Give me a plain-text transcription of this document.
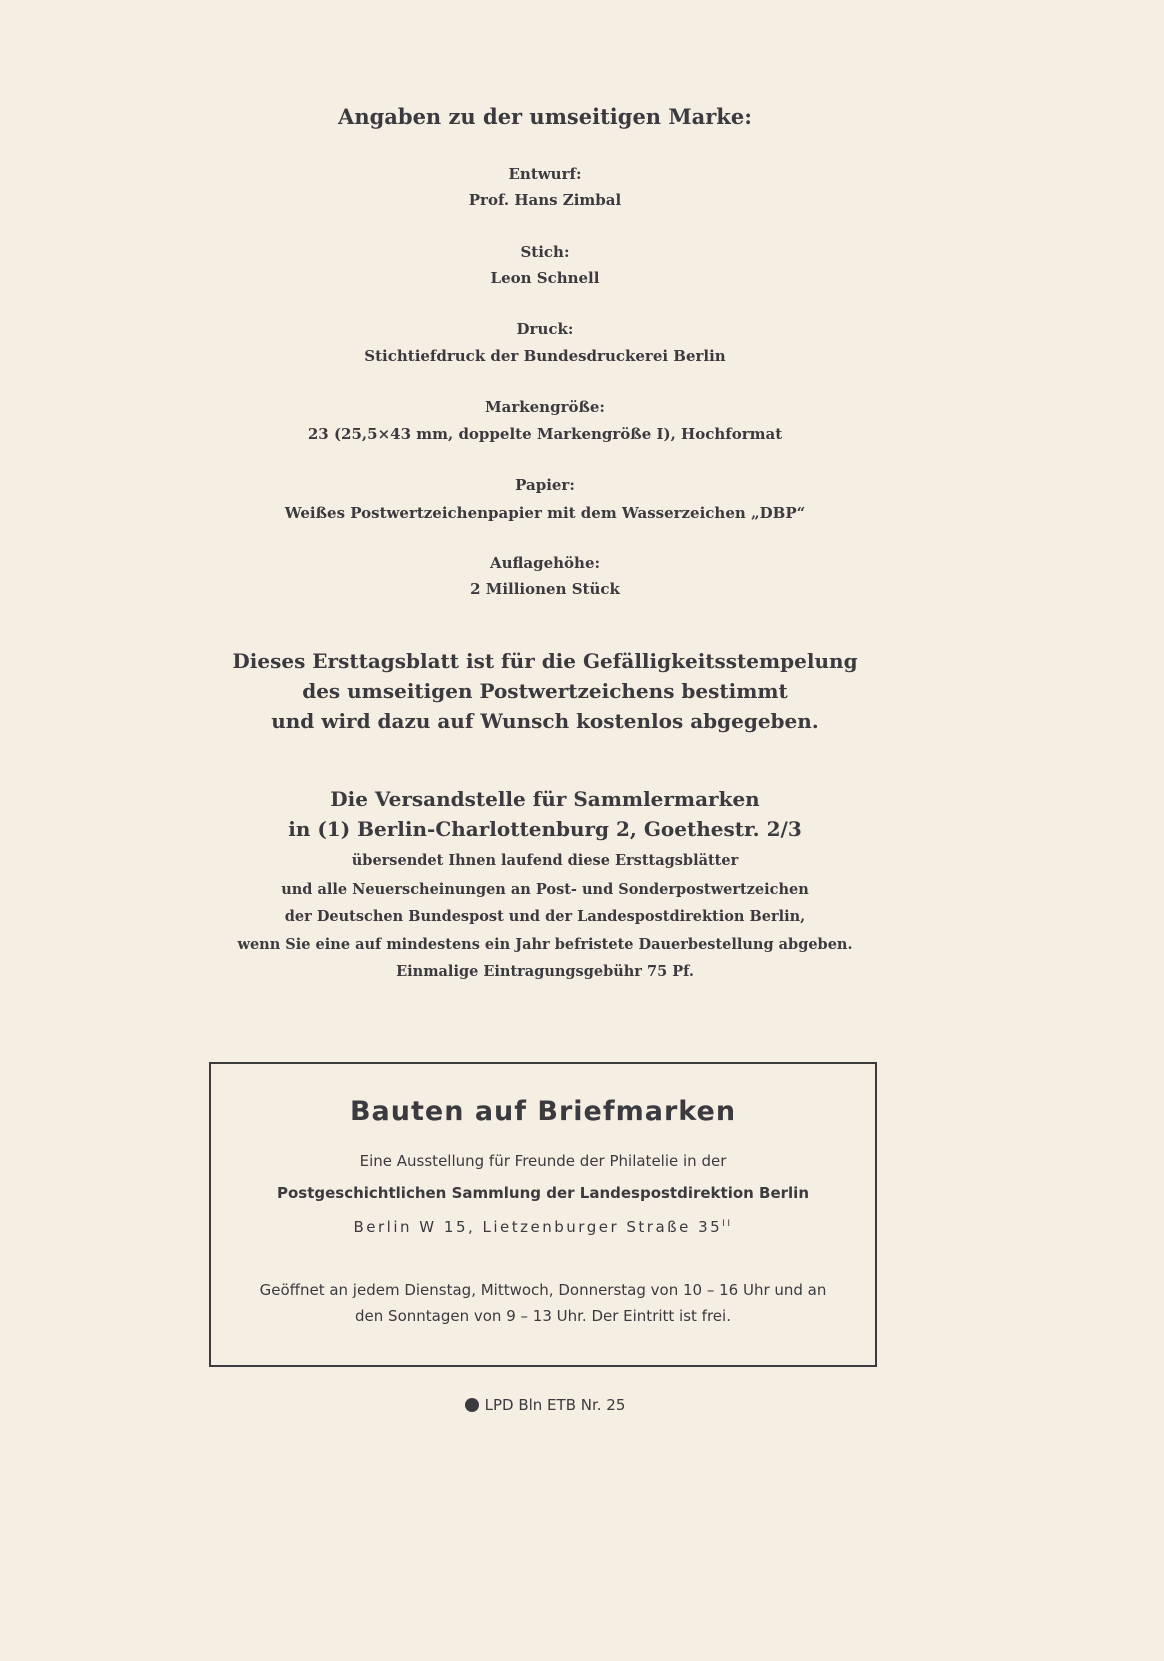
Angaben zu der umseitigen Marke:
Entwurf:
Prof. Hans Zimbal
Stich:
Leon Schnell
Druck:
Stichtiefdruck der Bundesdruckerei Berlin
Markengröße:
23 (25,5×43 mm, doppelte Markengröße I), Hochformat
Papier:
Weißes Postwertzeichenpapier mit dem Wasserzeichen „DBP“
Auflagehöhe:
2 Millionen Stück
Dieses Ersttagsblatt ist für die Gefälligkeitsstempelung
des umseitigen Postwertzeichens bestimmt
und wird dazu auf Wunsch kostenlos abgegeben.
Die Versandstelle für Sammlermarken
in (1) Berlin-Charlottenburg 2, Goethestr. 2/3
übersendet Ihnen laufend diese Ersttagsblätter
und alle Neuerscheinungen an Post- und Sonderpostwertzeichen
der Deutschen Bundespost und der Landespostdirektion Berlin,
wenn Sie eine auf mindestens ein Jahr befristete Dauerbestellung abgeben.
Einmalige Eintragungsgebühr 75 Pf.
Bauten auf Briefmarken
Eine Ausstellung für Freunde der Philatelie in der
Postgeschichtlichen Sammlung der Landespostdirektion Berlin
Berlin W 15, Lietzenburger Straße $35^{II}$
Geöffnet an jedem Dienstag, Mittwoch, Donnerstag von 10 – 16 Uhr und an
den Sonntagen von 9 – 13 Uhr. Der Eintritt ist frei.
LPD Bln ETB Nr. 25
